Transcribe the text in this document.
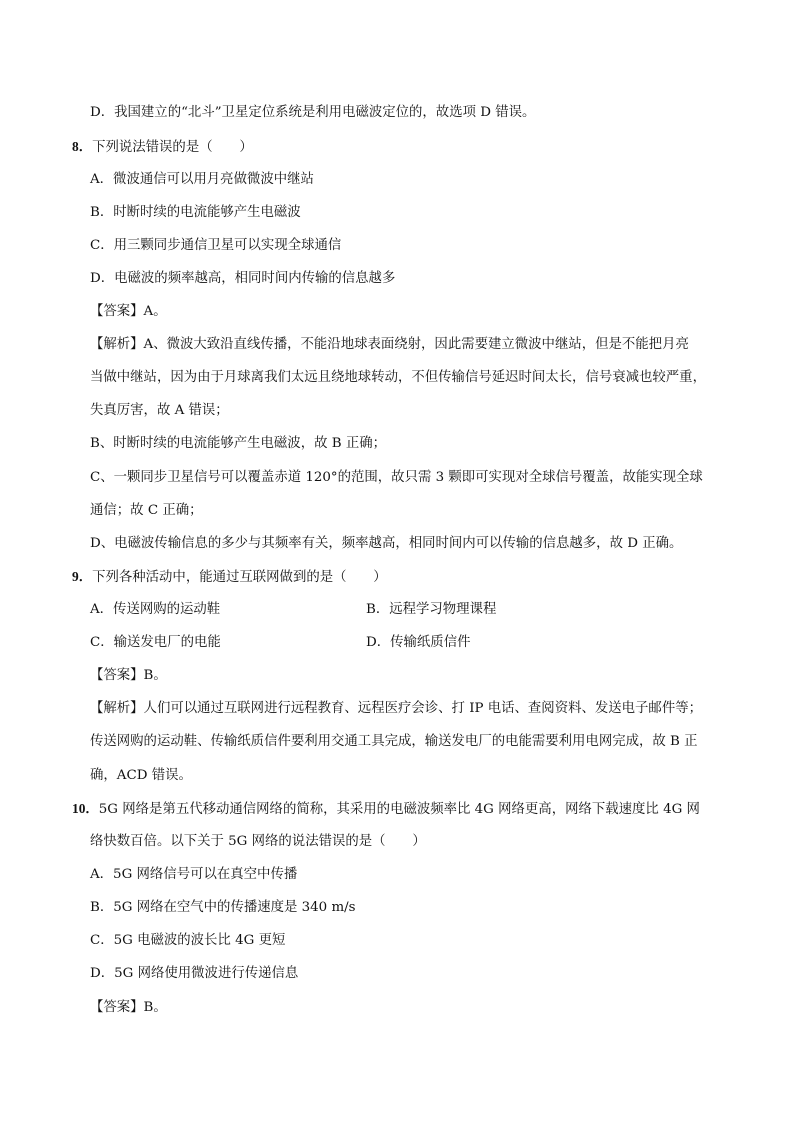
D．我国建立的“北斗”卫星定位系统是利用电磁波定位的，故选项 D 错误。
8．下列说法错误的是（　　）
A．微波通信可以用月亮做微波中继站
B．时断时续的电流能够产生电磁波
C．用三颗同步通信卫星可以实现全球通信
D．电磁波的频率越高，相同时间内传输的信息越多
【答案】A。
【解析】A、微波大致沿直线传播，不能沿地球表面绕射，因此需要建立微波中继站，但是不能把月亮
当做中继站，因为由于月球离我们太远且绕地球转动，不但传输信号延迟时间太长，信号衰减也较严重，
失真厉害，故 A 错误；
B、时断时续的电流能够产生电磁波，故 B 正确；
C、一颗同步卫星信号可以覆盖赤道 120°的范围，故只需 3 颗即可实现对全球信号覆盖，故能实现全球
通信；故 C 正确；
D、电磁波传输信息的多少与其频率有关，频率越高，相同时间内可以传输的信息越多，故 D 正确。
9．下列各种活动中，能通过互联网做到的是（　　）
A．传送网购的运动鞋	B．远程学习物理课程
C．输送发电厂的电能	D．传输纸质信件
【答案】B。
【解析】人们可以通过互联网进行远程教育、远程医疗会诊、打 IP 电话、查阅资料、发送电子邮件等；
传送网购的运动鞋、传输纸质信件要利用交通工具完成，输送发电厂的电能需要利用电网完成，故 B 正
确，ACD 错误。
10．5G 网络是第五代移动通信网络的简称，其采用的电磁波频率比 4G 网络更高，网络下载速度比 4G 网
络快数百倍。以下关于 5G 网络的说法错误的是（　　）
A．5G 网络信号可以在真空中传播
B．5G 网络在空气中的传播速度是 340 m/s
C．5G 电磁波的波长比 4G 更短
D．5G 网络使用微波进行传递信息
【答案】B。
